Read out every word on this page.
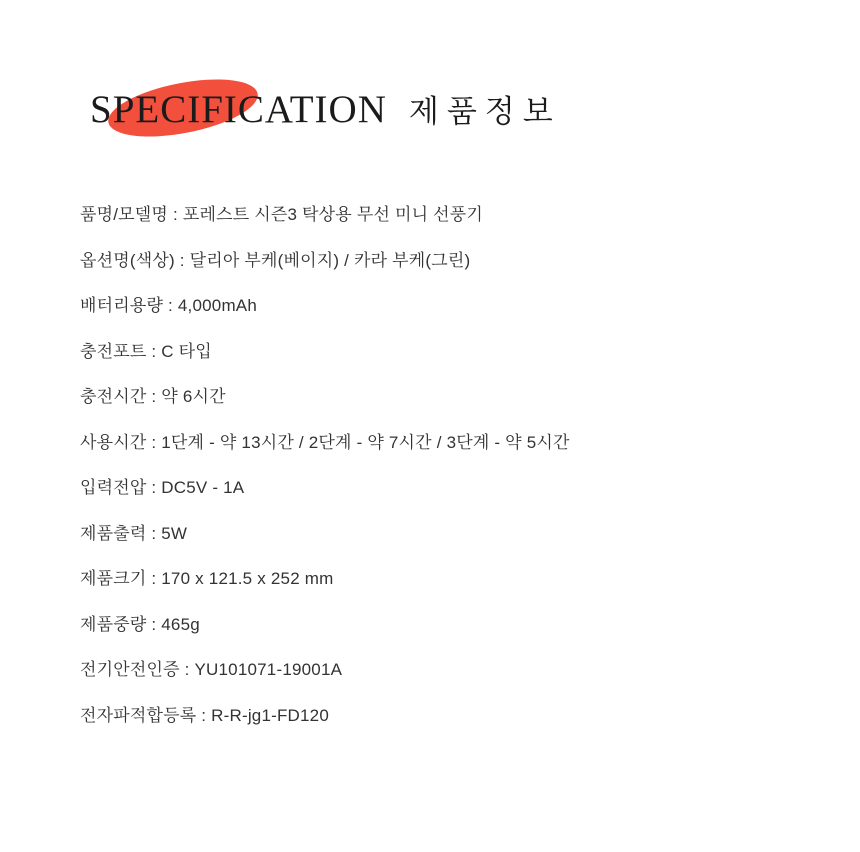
SPECIFICATION 제품정보
품명/모델명 : 포레스트 시즌3 탁상용 무선 미니 선풍기
옵션명(색상) : 달리아 부케(베이지) / 카라 부케(그린)
배터리용량 : 4,000mAh
충전포트 : C 타입
충전시간 : 약 6시간
사용시간 : 1단계 - 약 13시간 / 2단계 - 약 7시간 / 3단계 - 약 5시간
입력전압 : DC5V - 1A
제품출력 : 5W
제품크기 : 170 x 121.5 x 252 mm
제품중량 : 465g
전기안전인증 : YU101071-19001A
전자파적합등록 : R-R-jg1-FD120
